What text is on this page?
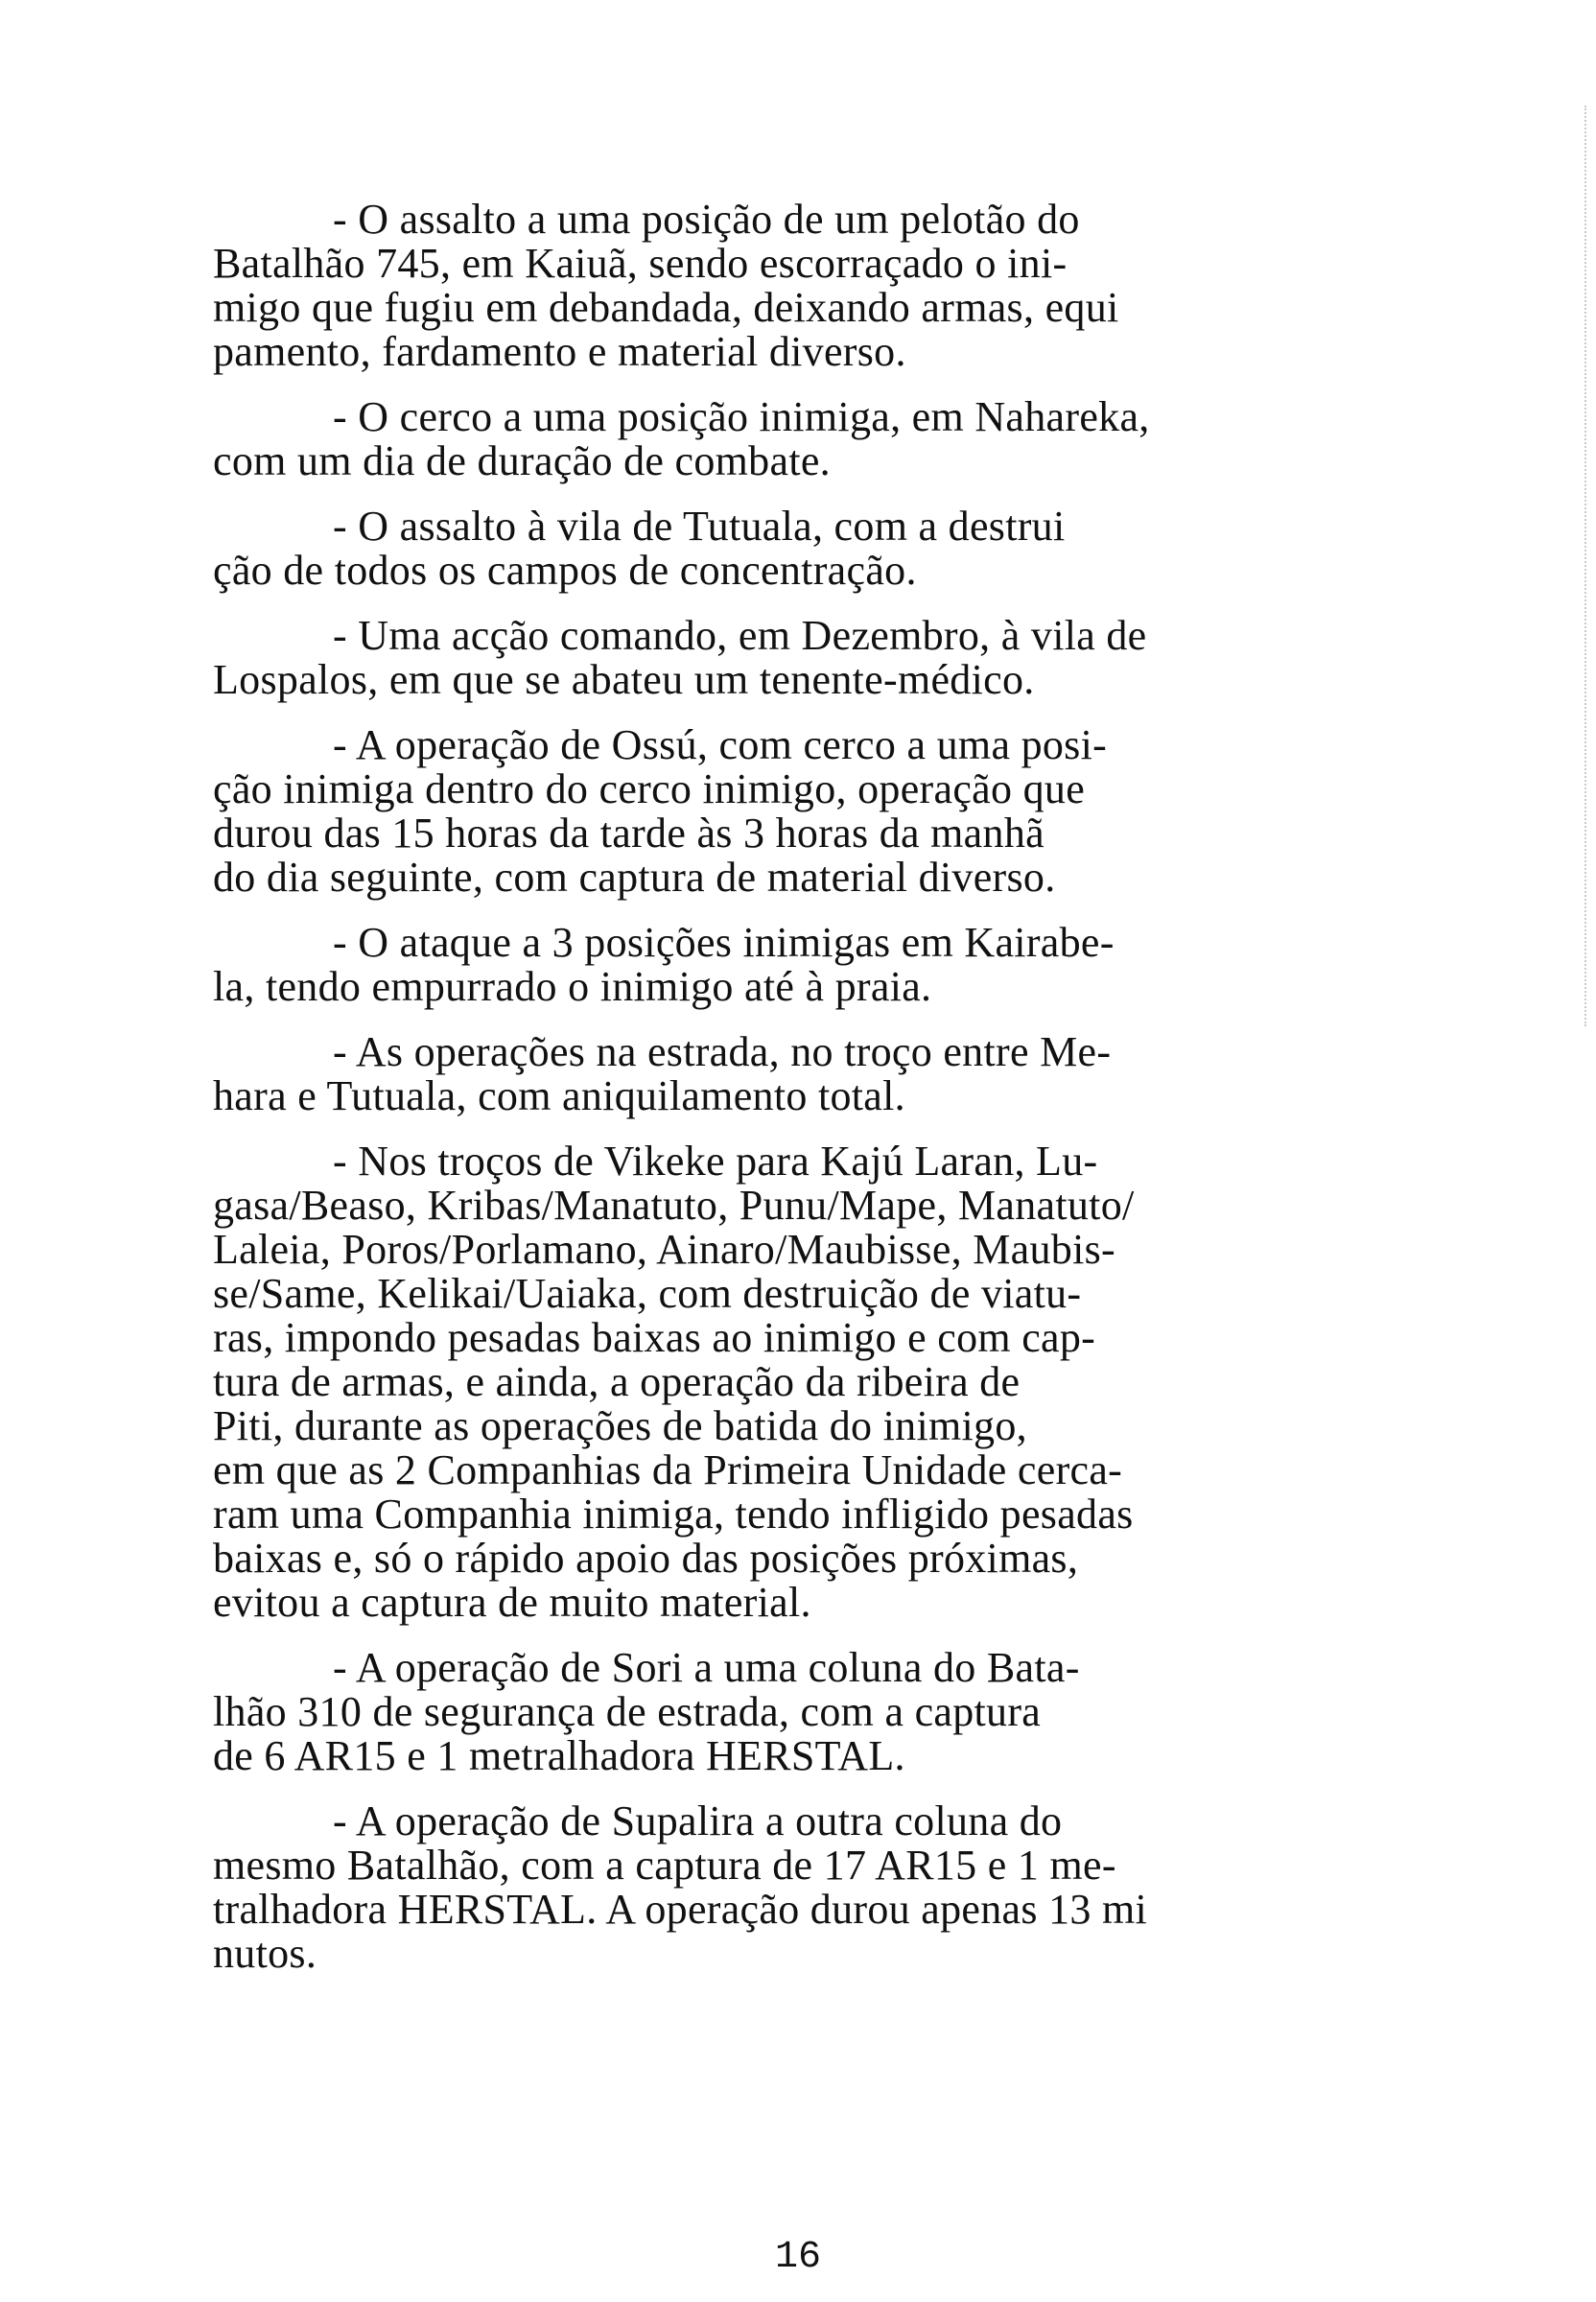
- O assalto a uma posição de um pelotão do
Batalhão 745, em Kaiuã, sendo escorraçado o ini-
migo que fugiu em debandada, deixando armas, equi
pamento, fardamento e material diverso.

- O cerco a uma posição inimiga, em Nahareka,
com um dia de duração de combate.

- O assalto à vila de Tutuala, com a destrui
ção de todos os campos de concentração.

- Uma acção comando, em Dezembro, à vila de
Lospalos, em que se abateu um tenente-médico.

- A operação de Ossú, com cerco a uma posi-
ção inimiga dentro do cerco inimigo, operação que
durou das 15 horas da tarde às 3 horas da manhã
do dia seguinte, com captura de material diverso.

- O ataque a 3 posições inimigas em Kairabe-
la, tendo empurrado o inimigo até à praia.

- As operações na estrada, no troço entre Me-
hara e Tutuala, com aniquilamento total.

- Nos troços de Vikeke para Kajú Laran, Lu-
gasa/Beaso, Kribas/Manatuto, Punu/Mape, Manatuto/
Laleia, Poros/Porlamano, Ainaro/Maubisse, Maubis-
se/Same, Kelikai/Uaiaka, com destruição de viatu-
ras, impondo pesadas baixas ao inimigo e com cap-
tura de armas, e ainda, a operação da ribeira de
Piti, durante as operações de batida do inimigo,
em que as 2 Companhias da Primeira Unidade cerca-
ram uma Companhia inimiga, tendo infligido pesadas
baixas e, só o rápido apoio das posições próximas,
evitou a captura de muito material.

- A operação de Sori a uma coluna do Bata-
lhão 310 de segurança de estrada, com a captura
de 6 AR15 e 1 metralhadora HERSTAL.

- A operação de Supalira a outra coluna do
mesmo Batalhão, com a captura de 17 AR15 e 1 me-
tralhadora HERSTAL. A operação durou apenas 13 mi
nutos.

16
